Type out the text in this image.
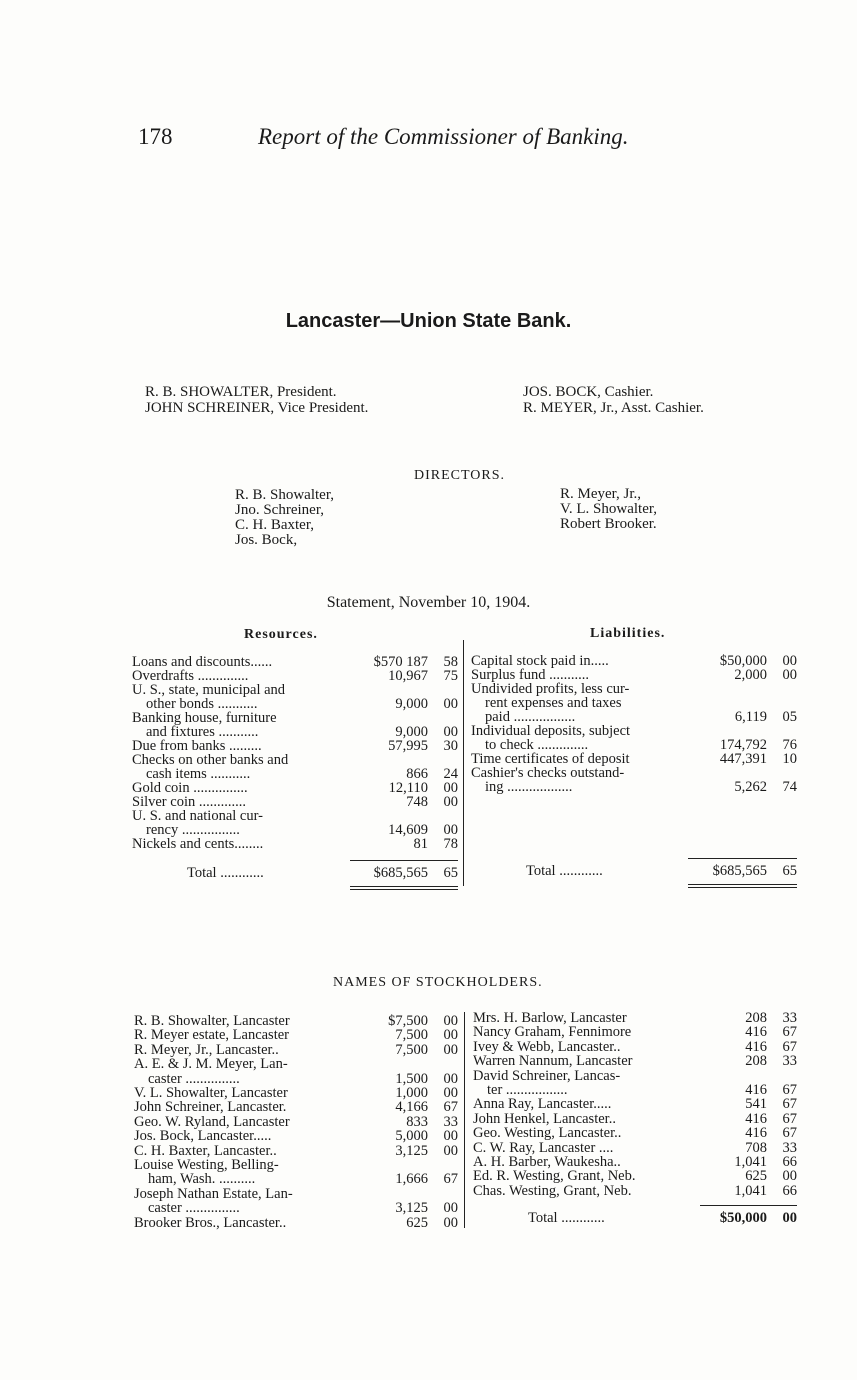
178	Report of the Commissioner of Banking.
Lancaster—Union State Bank.
R. B. SHOWALTER, President.
JOHN SCHREINER, Vice President.
JOS. BOCK, Cashier.
R. MEYER, Jr., Asst. Cashier.
DIRECTORS.
R. B. Showalter,
Jno. Schreiner,
C. H. Baxter,
Jos. Bock,
R. Meyer, Jr.,
V. L. Showalter,
Robert Brooker.
Statement, November 10, 1904.
Resources.	Liabilities.
Loans and discounts......	$570 187 58
Overdrafts ..............	10,967 75
U. S., state, municipal and
other bonds ...........	9,000 00
Banking house, furniture
and fixtures ...........	9,000 00
Due from banks .........	57,995 30
Checks on other banks and
cash items ...........	866 24
Gold coin ...............	12,110 00
Silver coin .............	748 00
U. S. and national cur-
rency ................	14,609 00
Nickels and cents........	81 78
Total ............	$685,565 65
Capital stock paid in.....	$50,000 00
Surplus fund ...........	2,000 00
Undivided profits, less cur-
rent expenses and taxes
paid .................	6,119 05
Individual deposits, subject
to check ..............	174,792 76
Time certificates of deposit	447,391 10
Cashier's checks outstand-
ing ..................	5,262 74
Total ............	$685,565 65
NAMES OF STOCKHOLDERS.
R. B. Showalter, Lancaster	$7,500 00
R. Meyer estate, Lancaster	7,500 00
R. Meyer, Jr., Lancaster..	7,500 00
A. E. & J. M. Meyer, Lan-
caster ...............	1,500 00
V. L. Showalter, Lancaster	1,000 00
John Schreiner, Lancaster.	4,166 67
Geo. W. Ryland, Lancaster	833 33
Jos. Bock, Lancaster.....	5,000 00
C. H. Baxter, Lancaster..	3,125 00
Louise Westing, Belling-
ham, Wash. ..........	1,666 67
Joseph Nathan Estate, Lan-
caster ...............	3,125 00
Brooker Bros., Lancaster..	625 00
Mrs. H. Barlow, Lancaster	208 33
Nancy Graham, Fennimore	416 67
Ivey & Webb, Lancaster..	416 67
Warren Nannum, Lancaster	208 33
David Schreiner, Lancas-
ter .................	416 67
Anna Ray, Lancaster.....	541 67
John Henkel, Lancaster..	416 67
Geo. Westing, Lancaster..	416 67
C. W. Ray, Lancaster ....	708 33
A. H. Barber, Waukesha..	1,041 66
Ed. R. Westing, Grant, Neb.	625 00
Chas. Westing, Grant, Neb.	1,041 66
Total ............	$50,000 00
